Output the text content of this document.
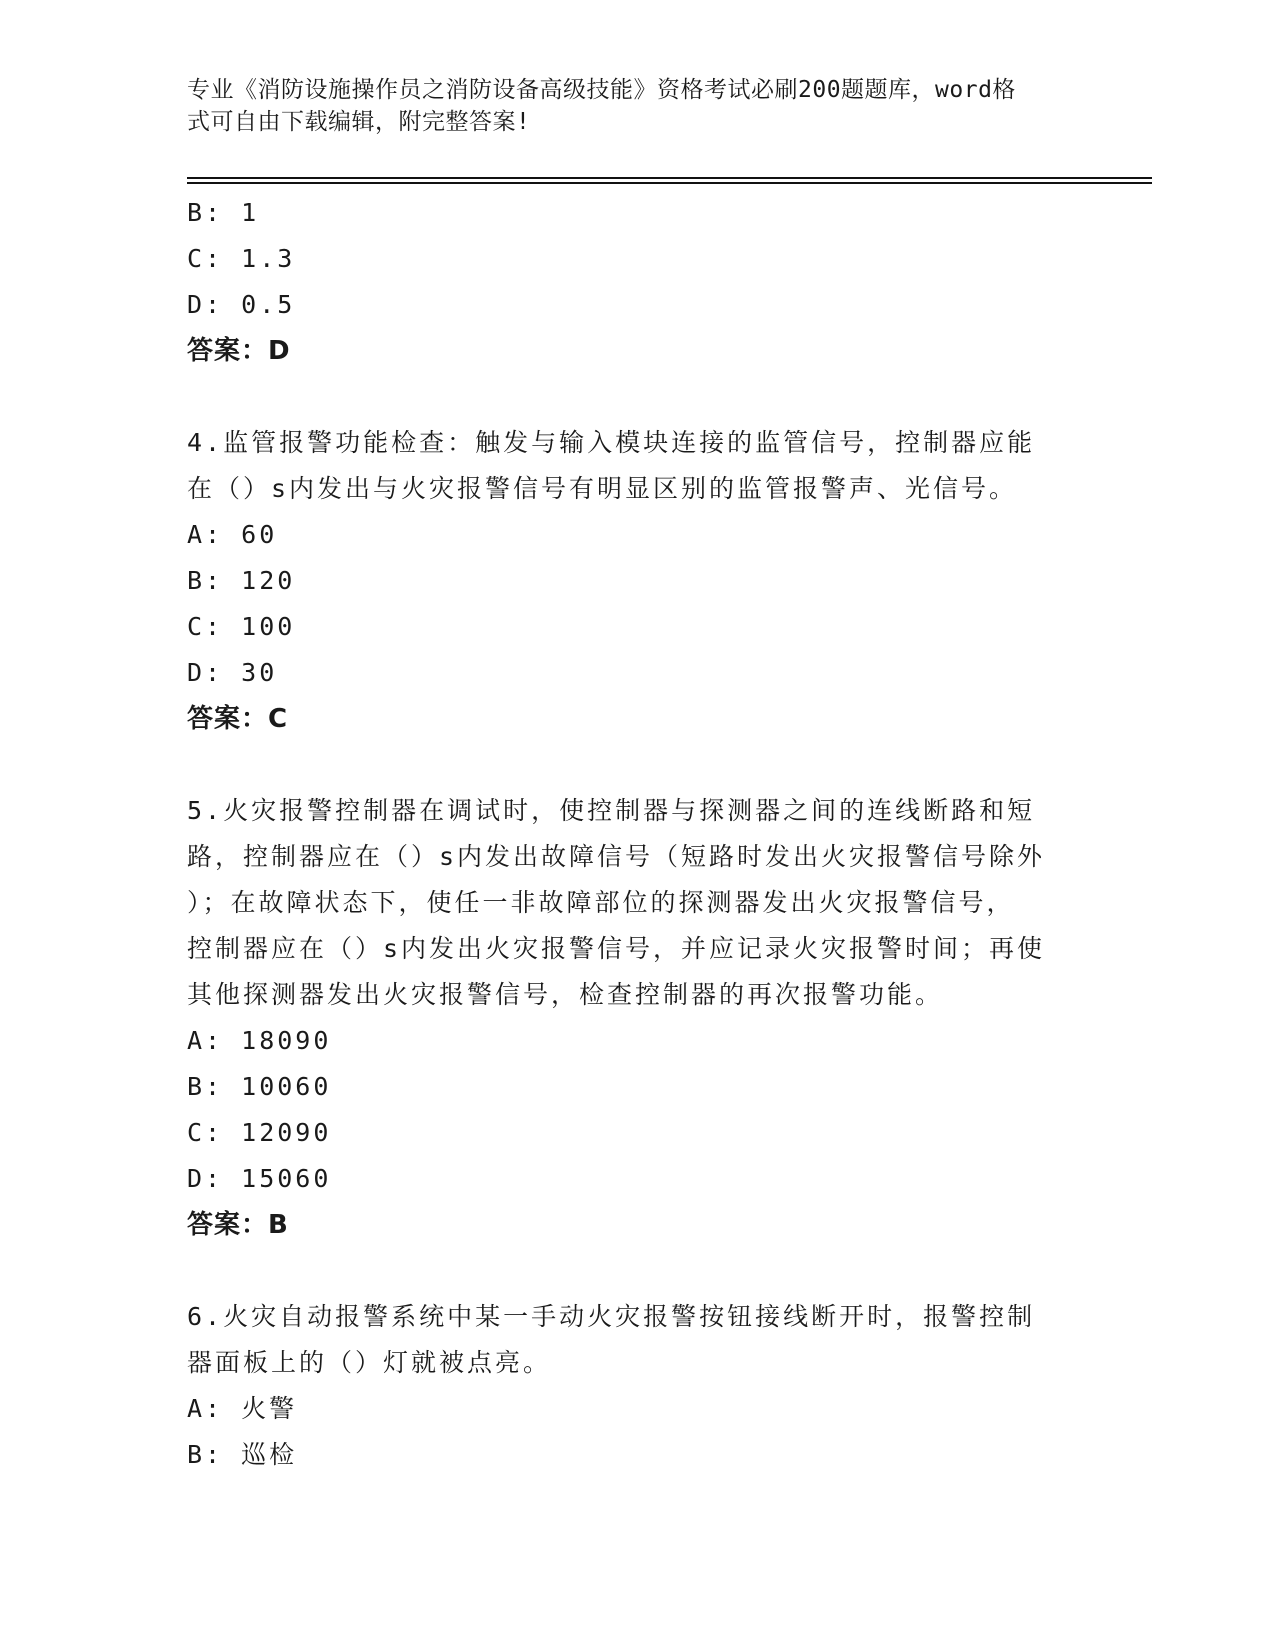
专业《消防设施操作员之消防设备高级技能》资格考试必刷200题题库，word格
式可自由下载编辑，附完整答案!
B: 1
C: 1.3
D: 0.5
答案：D
4.监管报警功能检查：触发与输入模块连接的监管信号，控制器应能
在（）s内发出与火灾报警信号有明显区别的监管报警声、光信号。
A: 60
B: 120
C: 100
D: 30
答案：C
5.火灾报警控制器在调试时，使控制器与探测器之间的连线断路和短
路，控制器应在（）s内发出故障信号（短路时发出火灾报警信号除外
）；在故障状态下，使任一非故障部位的探测器发出火灾报警信号，
控制器应在（）s内发出火灾报警信号，并应记录火灾报警时间；再使
其他探测器发出火灾报警信号，检查控制器的再次报警功能。
A: 18090
B: 10060
C: 12090
D: 15060
答案：B
6.火灾自动报警系统中某一手动火灾报警按钮接线断开时，报警控制
器面板上的（）灯就被点亮。
A: 火警
B: 巡检
